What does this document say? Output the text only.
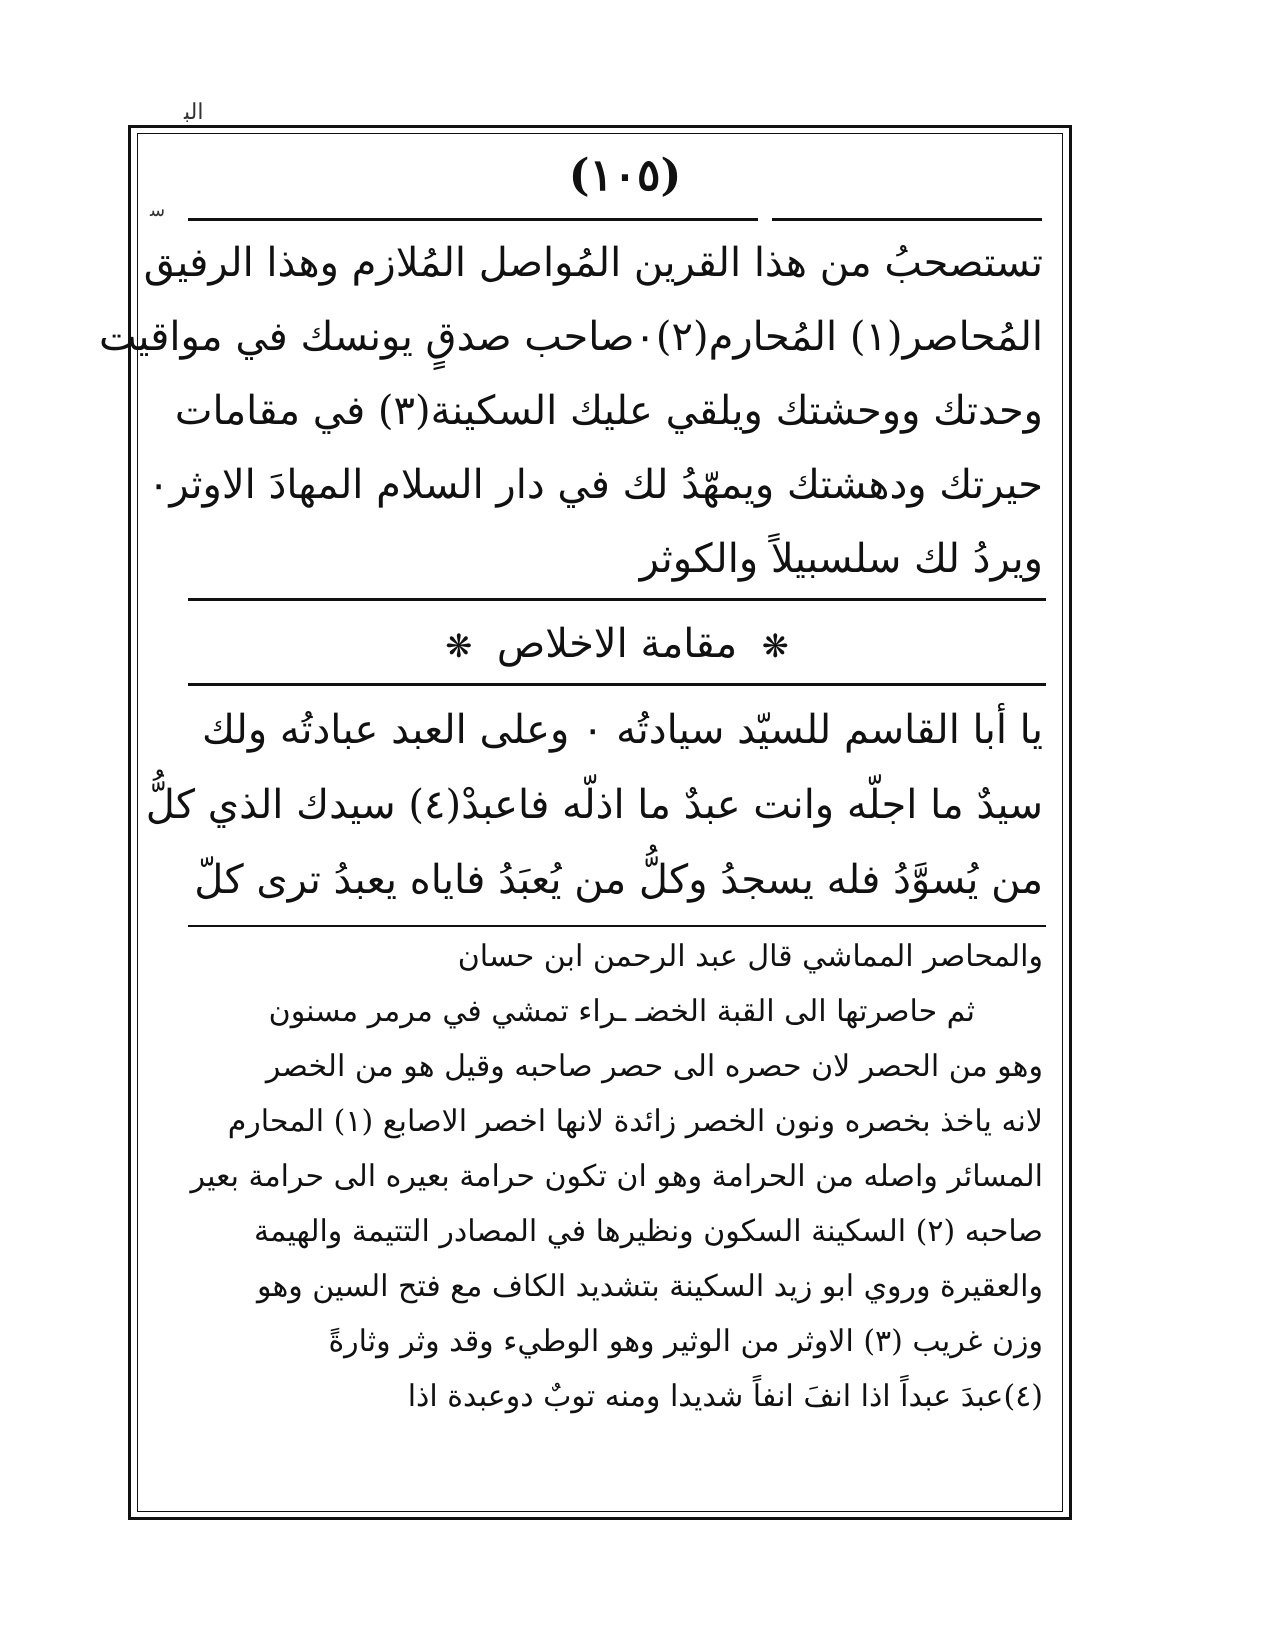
ﺍﻟﺒ
ﺳ
(١٠٥)
تستصحبُ من هذا القرين المُواصل المُلازم وهذا الرفيق
المُحاصر(١) المُحارم(٢)٠صاحب صدقٍ يونسك في مواقيت
وحدتك ووحشتك ويلقي عليك السكينة(٣) في مقامات
حيرتك ودهشتك ويمهّدُ لك في دار السلام المهادَ الاوثر٠
ويردُ لك سلسبيلاً والكوثر
❋ مقامة الاخلاص ❋
يا أبا القاسم للسيّد سيادتُه ٠ وعلى العبد عبادتُه ولك
سيدٌ ما اجلّه وانت عبدٌ ما اذلّه فاعبدْ(٤) سيدك الذي كلُّ
من يُسوَّدُ فله يسجدُ وكلُّ من يُعبَدُ فاياه يعبدُ ترى كلّ
والمحاصر المماشي قال عبد الرحمن ابن حسان
ثم حاصرتها الى القبة الخضـ ـراء تمشي في مرمر مسنون
وهو من الحصر لان حصره الى حصر صاحبه وقيل هو من الخصر
لانه ياخذ بخصره ونون الخصر زائدة لانها اخصر الاصابع (١) المحارم
المسائر واصله من الحرامة وهو ان تكون حرامة بعيره الى حرامة بعير
صاحبه (٢) السكينة السكون ونظيرها في المصادر التتيمة والهيمة
والعقيرة وروي ابو زيد السكينة بتشديد الكاف مع فتح السين وهو
وزن غريب (٣) الاوثر من الوثير وهو الوطيء وقد وثر وثارةً
(٤)عبدَ عبداً اذا انفَ انفاً شديدا ومنه توبٌ دوعبدة اذا
